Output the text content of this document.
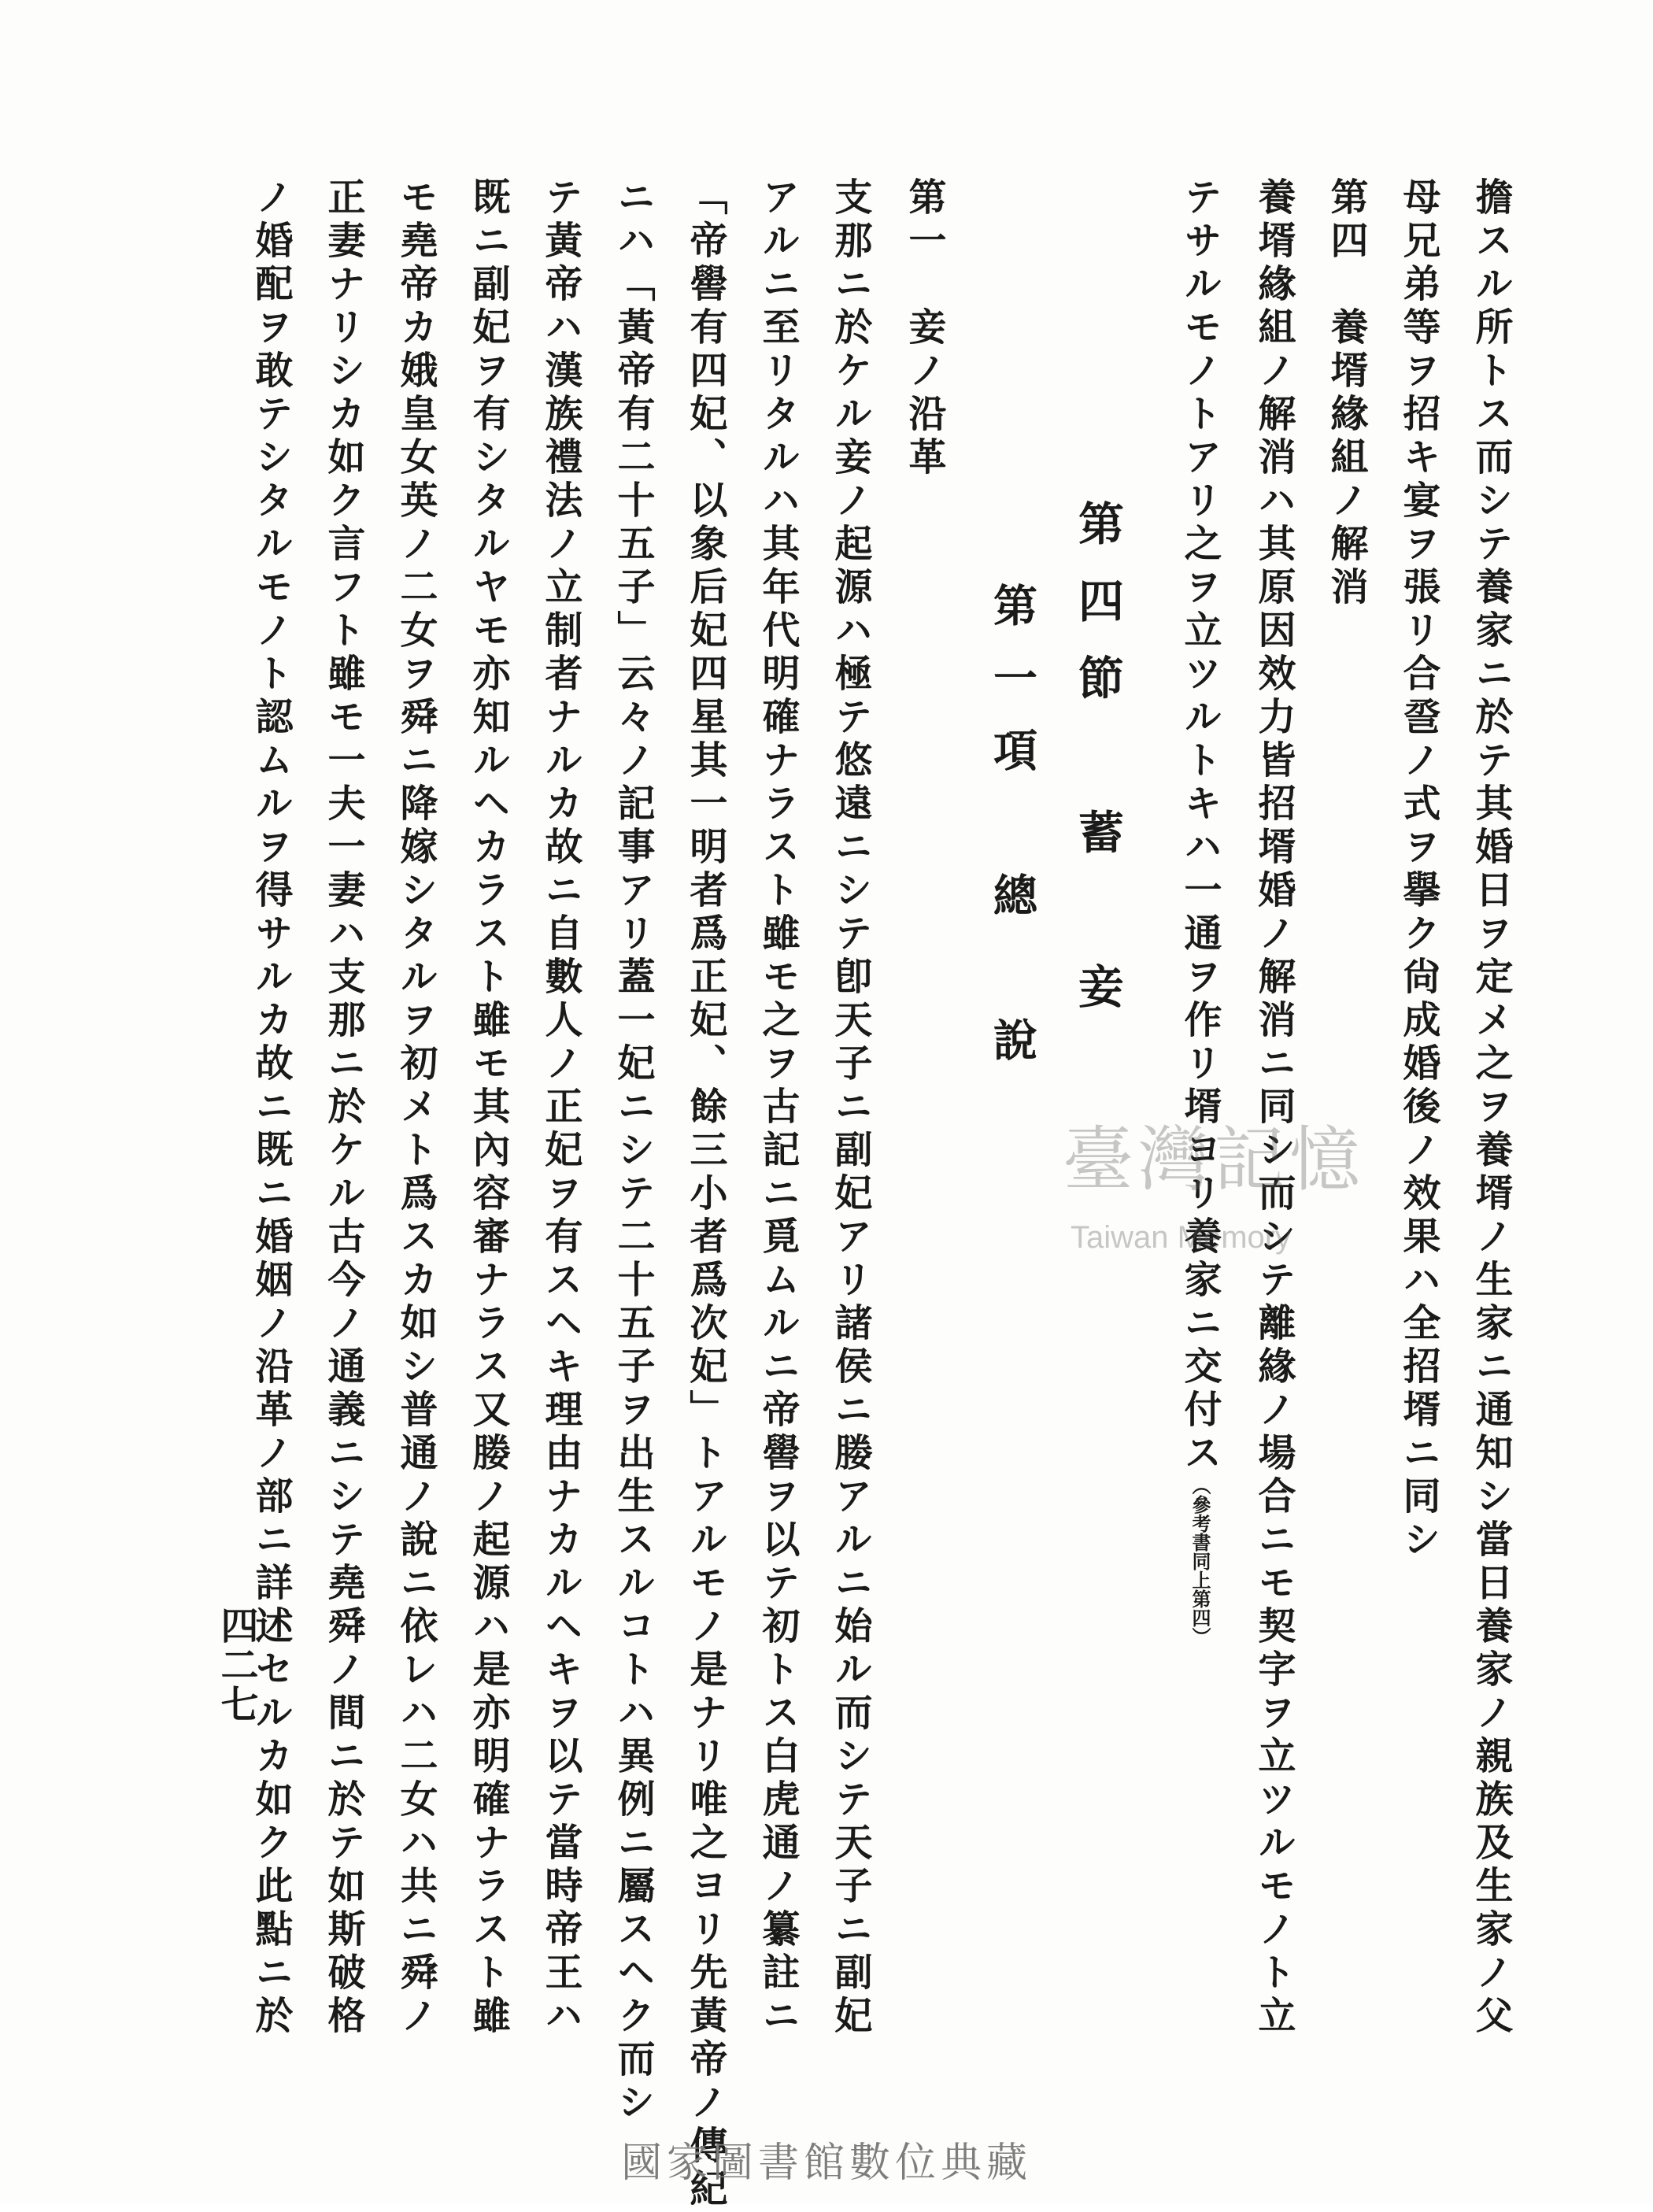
擔スル所トス而シテ養家ニ於テ其婚日ヲ定メ之ヲ養壻ノ生家ニ通知シ當日養家ノ親族及生家ノ父
母兄弟等ヲ招キ宴ヲ張リ合巹ノ式ヲ擧ク尙成婚後ノ效果ハ全招壻ニ同シ
第四　養壻緣組ノ解消
養壻緣組ノ解消ハ其原因效力皆招壻婚ノ解消ニ同シ而シテ離緣ノ場合ニモ契字ヲ立ツルモノト立
テサルモノトアリ之ヲ立ツルトキハ一通ヲ作リ壻ヨリ養家ニ交付ス（參考書同上第四）
第四節　蓄　妾
第一項　總　說
第一　妾ノ沿革
支那ニ於ケル妾ノ起源ハ極テ悠遠ニシテ卽天子ニ副妃アリ諸侯ニ媵アルニ始ル而シテ天子ニ副妃
アルニ至リタルハ其年代明確ナラスト雖モ之ヲ古記ニ覓ムルニ帝嚳ヲ以テ初トス白虎通ノ纂註ニ
「帝嚳有四妃、以象后妃四星其一明者爲正妃、餘三小者爲次妃」トアルモノ是ナリ唯之ヨリ先黃帝ノ傳紀
ニハ「黃帝有二十五子」云々ノ記事アリ蓋一妃ニシテ二十五子ヲ出生スルコトハ異例ニ屬スヘク而シ
テ黃帝ハ漢族禮法ノ立制者ナルカ故ニ自數人ノ正妃ヲ有スヘキ理由ナカルヘキヲ以テ當時帝王ハ
既ニ副妃ヲ有シタルヤモ亦知ルヘカラスト雖モ其內容審ナラス又媵ノ起源ハ是亦明確ナラスト雖
モ堯帝カ娥皇女英ノ二女ヲ舜ニ降嫁シタルヲ初メト爲スカ如シ普通ノ說ニ依レハ二女ハ共ニ舜ノ
正妻ナリシカ如ク言フト雖モ一夫一妻ハ支那ニ於ケル古今ノ通義ニシテ堯舜ノ間ニ於テ如斯破格
ノ婚配ヲ敢テシタルモノト認ムルヲ得サルカ故ニ既ニ婚姻ノ沿革ノ部ニ詳述セルカ如ク此點ニ於
四二七
臺灣記憶
Taiwan Memory
國家圖書館數位典藏
